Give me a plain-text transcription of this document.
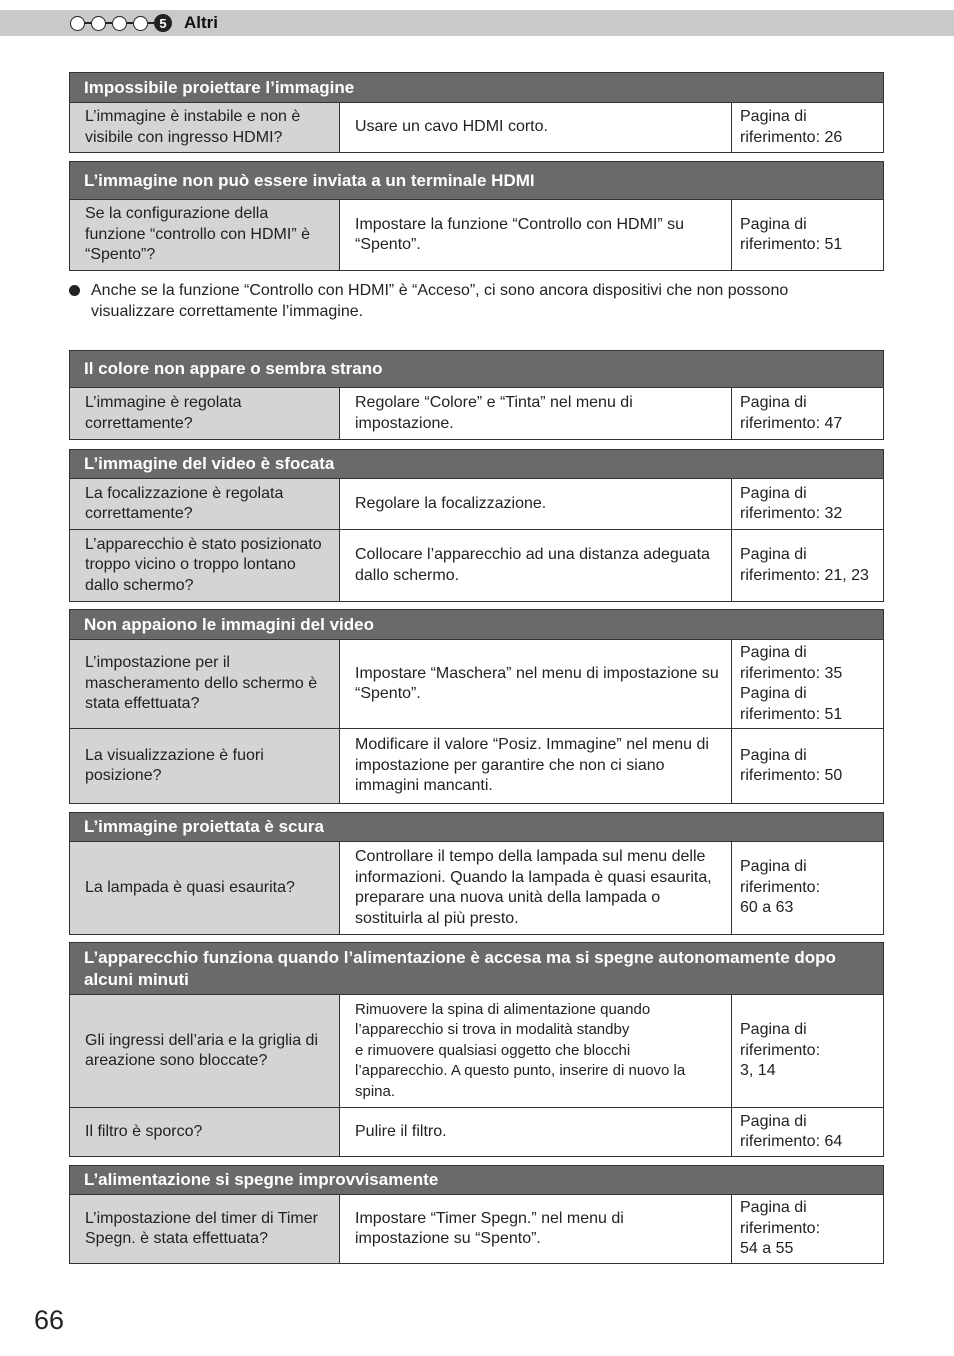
5	Altri
Impossibile proiettare l’immagine
L’immagine è instabile e non è visibile con ingresso HDMI?
Usare un cavo HDMI corto.
Pagina di riferimento: 26
L’immagine non può essere inviata a un terminale HDMI
Se la configurazione della funzione “controllo con HDMI” è “Spento”?
Impostare la funzione “Controllo con HDMI” su “Spento”.
Pagina di riferimento: 51
Anche se la funzione “Controllo con HDMI” è “Acceso”, ci sono ancora dispositivi che non possono visualizzare correttamente l’immagine.
Il colore non appare o sembra strano
L’immagine è regolata correttamente?
Regolare “Colore” e “Tinta” nel menu di impostazione.
Pagina di riferimento: 47
L’immagine del video è sfocata
La focalizzazione è regolata correttamente?
Regolare la focalizzazione.
Pagina di riferimento: 32
L’apparecchio è stato posizionato troppo vicino o troppo lontano dallo schermo?
Collocare l’apparecchio ad una distanza adeguata dallo schermo.
Pagina di riferimento: 21, 23
Non appaiono le immagini del video
L’impostazione per il mascheramento dello schermo è stata effettuata?
Impostare “Maschera” nel menu di impostazione su
“Spento”.
Pagina di riferimento: 35
Pagina di riferimento: 51
La visualizzazione è fuori posizione?
Modificare il valore “Posiz. Immagine” nel menu di impostazione per garantire che non ci siano immagini mancanti.
Pagina di riferimento: 50
L’immagine proiettata è scura
La lampada è quasi esaurita?
Controllare il tempo della lampada sul menu delle informazioni. Quando la lampada è quasi esaurita, preparare una nuova unità della lampada o sostituirla al più presto.
Pagina di riferimento:
60 a 63
L’apparecchio funziona quando l’alimentazione è accesa ma si spegne autonomamente dopo alcuni minuti
Gli ingressi dell’aria e la griglia di areazione sono bloccate?
Rimuovere la spina di alimentazione quando l’apparecchio si trova in modalità standby
e rimuovere qualsiasi oggetto che blocchi l’apparecchio. A questo punto, inserire di nuovo la spina.
Pagina di riferimento:
3, 14
Il filtro è sporco?	Pulire il filtro.
Pagina di riferimento: 64
L’alimentazione si spegne improvvisamente
L’impostazione del timer di Timer Spegn. è stata effettuata?
Impostare “Timer Spegn.” nel menu di impostazione su “Spento”.
Pagina di riferimento:
54 a 55
66
